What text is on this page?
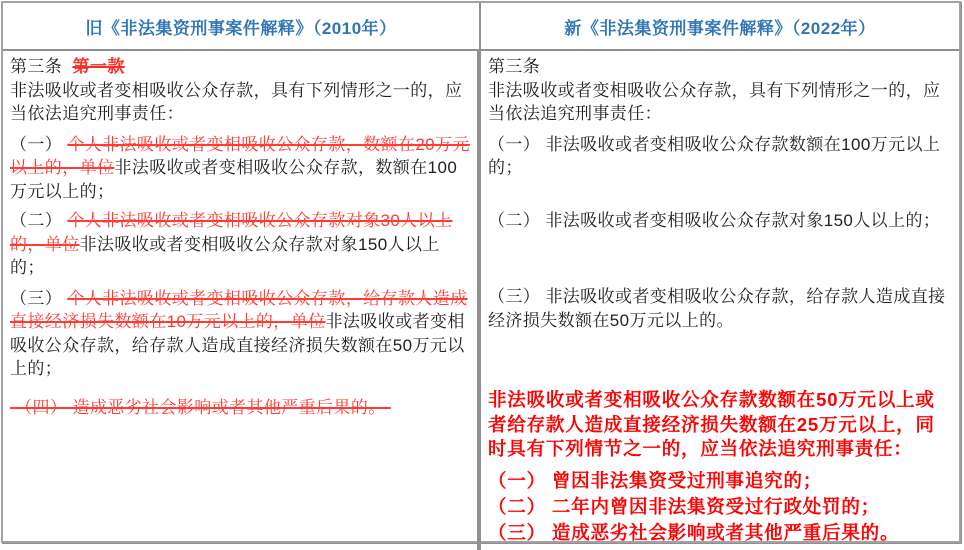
旧《非法集资刑事案件解释》（2010年）
第三条  第一款
非法吸收或者变相吸收公众存款，具有下列情形之一的，应当依法追究刑事责任：
（一） 个人非法吸收或者变相吸收公众存款，数额在20万元以上的，单位非法吸收或者变相吸收公众存款，数额在100万元以上的；
（二） 个人非法吸收或者变相吸收公众存款对象30人以上的，单位非法吸收或者变相吸收公众存款对象150人以上的；
（三） 个人非法吸收或者变相吸收公众存款，给存款人造成直接经济损失数额在10万元以上的，单位非法吸收或者变相吸收公众存款，给存款人造成直接经济损失数额在50万元以上的；
（四） 造成恶劣社会影响或者其他严重后果的。
新《非法集资刑事案件解释》（2022年）
第三条
非法吸收或者变相吸收公众存款，具有下列情形之一的，应当依法追究刑事责任：
（一） 非法吸收或者变相吸收公众存款数额在100万元以上的；
（二） 非法吸收或者变相吸收公众存款对象150人以上的；
（三） 非法吸收或者变相吸收公众存款，给存款人造成直接经济损失数额在50万元以上的。
非法吸收或者变相吸收公众存款数额在50万元以上或者给存款人造成直接经济损失数额在25万元以上，同时具有下列情节之一的，应当依法追究刑事责任：
（一） 曾因非法集资受过刑事追究的；
（二） 二年内曾因非法集资受过行政处罚的；
（三） 造成恶劣社会影响或者其他严重后果的。
